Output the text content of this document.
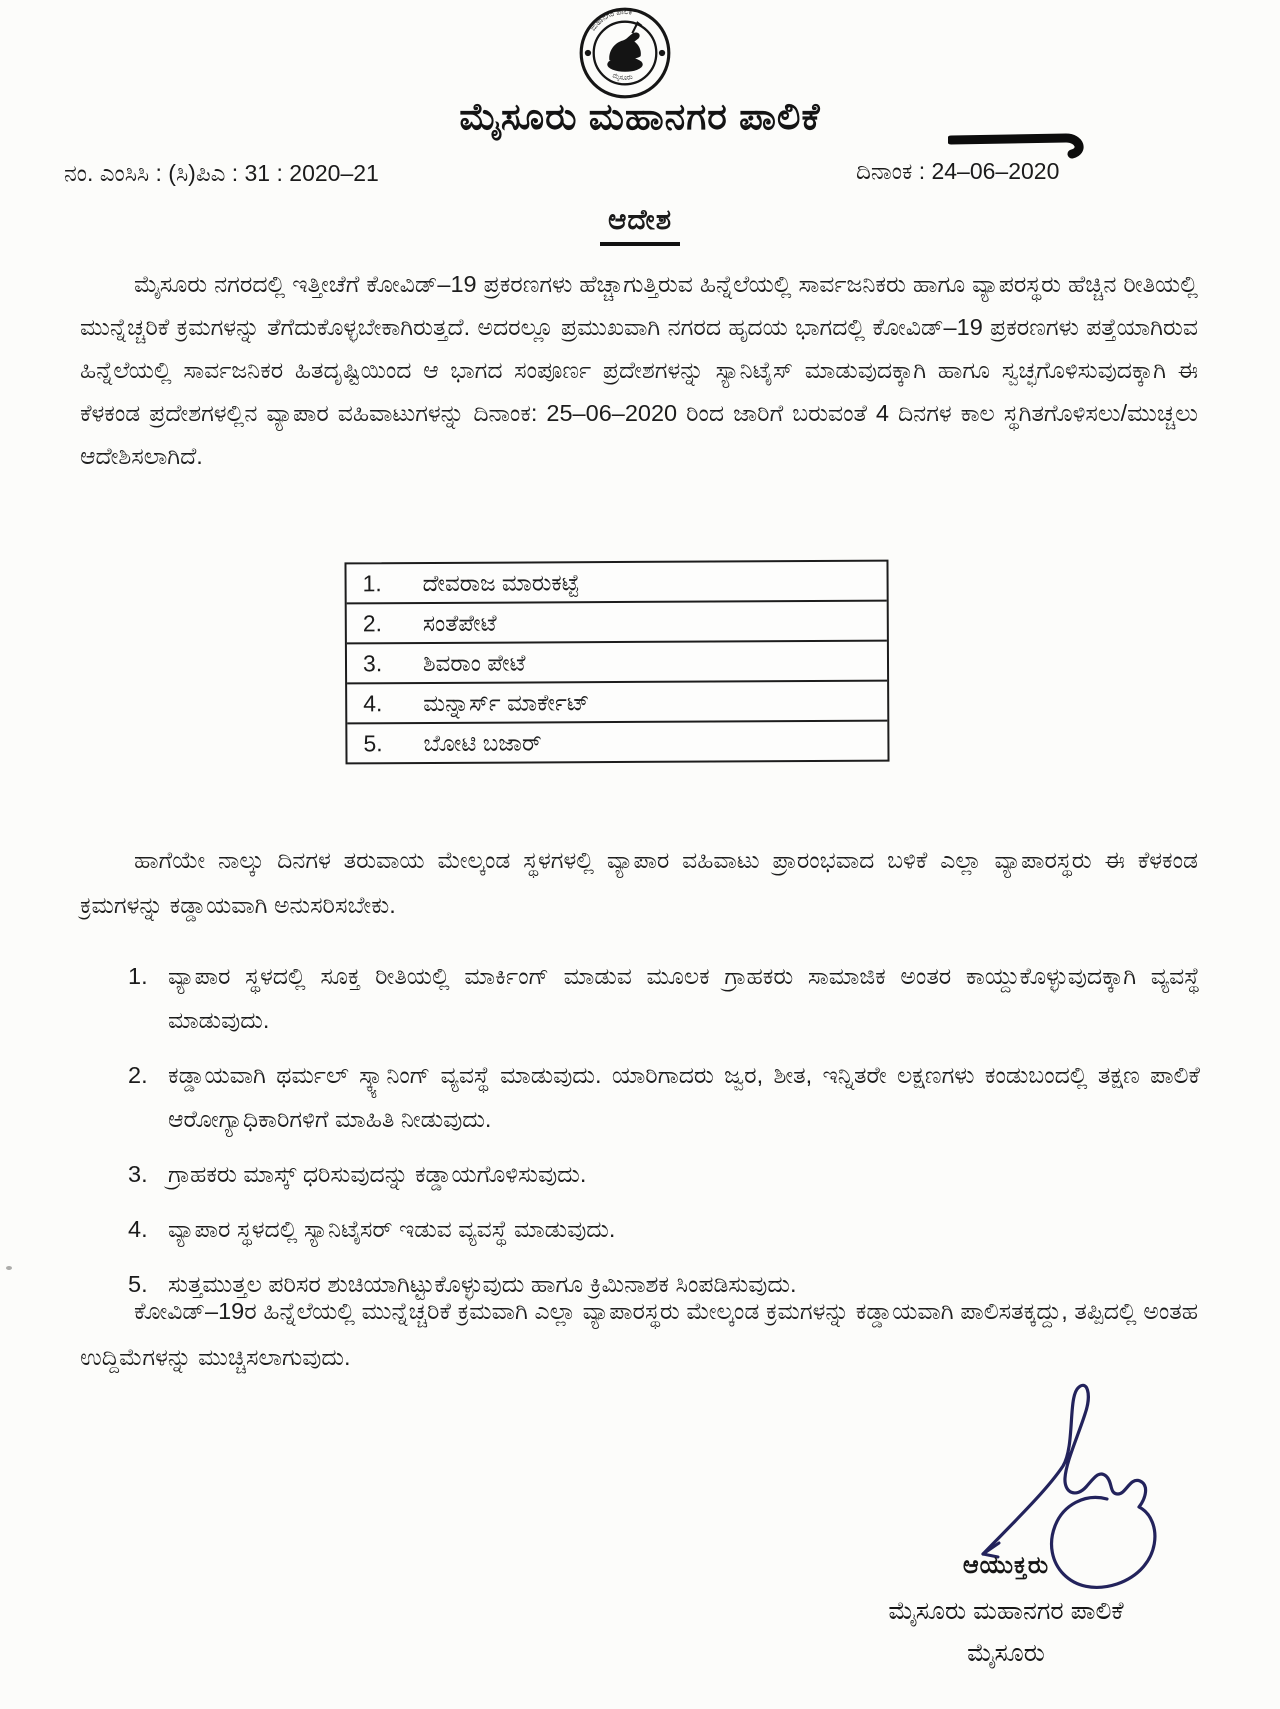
ಮಹಾನಗರ ಪಾಲಿಕೆ
ಮೈಸೂರು
ಮೈಸೂರು ಮಹಾನಗರ ಪಾಲಿಕೆ
ನಂ. ಎಂಸಿಸಿ : (ಸಿ)ಪಿಎ : 31 : 2020–21	ದಿನಾಂಕ : 24–06–2020
ಆದೇಶ
ಮೈಸೂರು ನಗರದಲ್ಲಿ ಇತ್ತೀಚೆಗೆ ಕೋವಿಡ್–19 ಪ್ರಕರಣಗಳು ಹೆಚ್ಚಾಗುತ್ತಿರುವ ಹಿನ್ನೆಲೆಯಲ್ಲಿ ಸಾರ್ವಜನಿಕರು ಹಾಗೂ ವ್ಯಾಪರಸ್ಥರು ಹೆಚ್ಚಿನ ರೀತಿಯಲ್ಲಿ ಮುನ್ನೆಚ್ಚರಿಕೆ ಕ್ರಮಗಳನ್ನು ತೆಗೆದುಕೊಳ್ಳಬೇಕಾಗಿರುತ್ತದೆ. ಅದರಲ್ಲೂ ಪ್ರಮುಖವಾಗಿ ನಗರದ ಹೃದಯ ಭಾಗದಲ್ಲಿ ಕೋವಿಡ್–19 ಪ್ರಕರಣಗಳು ಪತ್ತೆಯಾಗಿರುವ ಹಿನ್ನೆಲೆಯಲ್ಲಿ ಸಾರ್ವಜನಿಕರ ಹಿತದೃಷ್ಟಿಯಿಂದ ಆ ಭಾಗದ ಸಂಪೂರ್ಣ ಪ್ರದೇಶಗಳನ್ನು ಸ್ಯಾನಿಟೈಸ್ ಮಾಡುವುದಕ್ಕಾಗಿ ಹಾಗೂ ಸ್ವಚ್ಛಗೊಳಿಸುವುದಕ್ಕಾಗಿ ಈ ಕೆಳಕಂಡ ಪ್ರದೇಶಗಳಲ್ಲಿನ ವ್ಯಾಪಾರ ವಹಿವಾಟುಗಳನ್ನು ದಿನಾಂಕ: 25–06–2020 ರಿಂದ ಜಾರಿಗೆ ಬರುವಂತೆ 4 ದಿನಗಳ ಕಾಲ ಸ್ಥಗಿತಗೊಳಿಸಲು/ಮುಚ್ಚಲು ಆದೇಶಿಸಲಾಗಿದೆ.
1.	ದೇವರಾಜ ಮಾರುಕಟ್ಟೆ
2.	ಸಂತೆಪೇಟೆ
3.	ಶಿವರಾಂ ಪೇಟೆ
4.	ಮನ್ನಾರ್ಸ್ ಮಾರ್ಕೇಟ್
5.	ಬೋಟಿ ಬಜಾರ್
ಹಾಗೆಯೇ ನಾಲ್ಕು ದಿನಗಳ ತರುವಾಯ ಮೇಲ್ಕಂಡ ಸ್ಥಳಗಳಲ್ಲಿ ವ್ಯಾಪಾರ ವಹಿವಾಟು ಪ್ರಾರಂಭವಾದ ಬಳಿಕೆ ಎಲ್ಲಾ ವ್ಯಾಪಾರಸ್ಥರು ಈ ಕೆಳಕಂಡ ಕ್ರಮಗಳನ್ನು ಕಡ್ಡಾಯವಾಗಿ ಅನುಸರಿಸಬೇಕು.
1. ವ್ಯಾಪಾರ ಸ್ಥಳದಲ್ಲಿ ಸೂಕ್ತ ರೀತಿಯಲ್ಲಿ ಮಾರ್ಕಿಂಗ್ ಮಾಡುವ ಮೂಲಕ ಗ್ರಾಹಕರು ಸಾಮಾಜಿಕ ಅಂತರ ಕಾಯ್ದುಕೊಳ್ಳುವುದಕ್ಕಾಗಿ ವ್ಯವಸ್ಥೆ ಮಾಡುವುದು.
2. ಕಡ್ಡಾಯವಾಗಿ ಥರ್ಮಲ್ ಸ್ಕ್ಯಾನಿಂಗ್ ವ್ಯವಸ್ಥೆ ಮಾಡುವುದು. ಯಾರಿಗಾದರು ಜ್ವರ, ಶೀತ, ಇನ್ನಿತರೇ ಲಕ್ಷಣಗಳು ಕಂಡುಬಂದಲ್ಲಿ ತಕ್ಷಣ ಪಾಲಿಕೆ ಆರೋಗ್ಯಾಧಿಕಾರಿಗಳಿಗೆ ಮಾಹಿತಿ ನೀಡುವುದು.
3. ಗ್ರಾಹಕರು ಮಾಸ್ಕ್ ಧರಿಸುವುದನ್ನು ಕಡ್ಡಾಯಗೊಳಿಸುವುದು.
4. ವ್ಯಾಪಾರ ಸ್ಥಳದಲ್ಲಿ ಸ್ಯಾನಿಟೈಸರ್ ಇಡುವ ವ್ಯವಸ್ಥೆ ಮಾಡುವುದು.
5. ಸುತ್ತಮುತ್ತಲ ಪರಿಸರ ಶುಚಿಯಾಗಿಟ್ಟುಕೊಳ್ಳುವುದು ಹಾಗೂ ಕ್ರಿಮಿನಾಶಕ ಸಿಂಪಡಿಸುವುದು.
ಕೋವಿಡ್–19ರ ಹಿನ್ನೆಲೆಯಲ್ಲಿ ಮುನ್ನೆಚ್ಚರಿಕೆ ಕ್ರಮವಾಗಿ ಎಲ್ಲಾ ವ್ಯಾಪಾರಸ್ಥರು ಮೇಲ್ಕಂಡ ಕ್ರಮಗಳನ್ನು ಕಡ್ಡಾಯವಾಗಿ ಪಾಲಿಸತಕ್ಕದ್ದು, ತಪ್ಪಿದಲ್ಲಿ ಅಂತಹ ಉದ್ದಿಮೆಗಳನ್ನು ಮುಚ್ಚಿಸಲಾಗುವುದು.
ಆಯುಕ್ತರು
ಮೈಸೂರು ಮಹಾನಗರ ಪಾಲಿಕೆ
ಮೈಸೂರು
